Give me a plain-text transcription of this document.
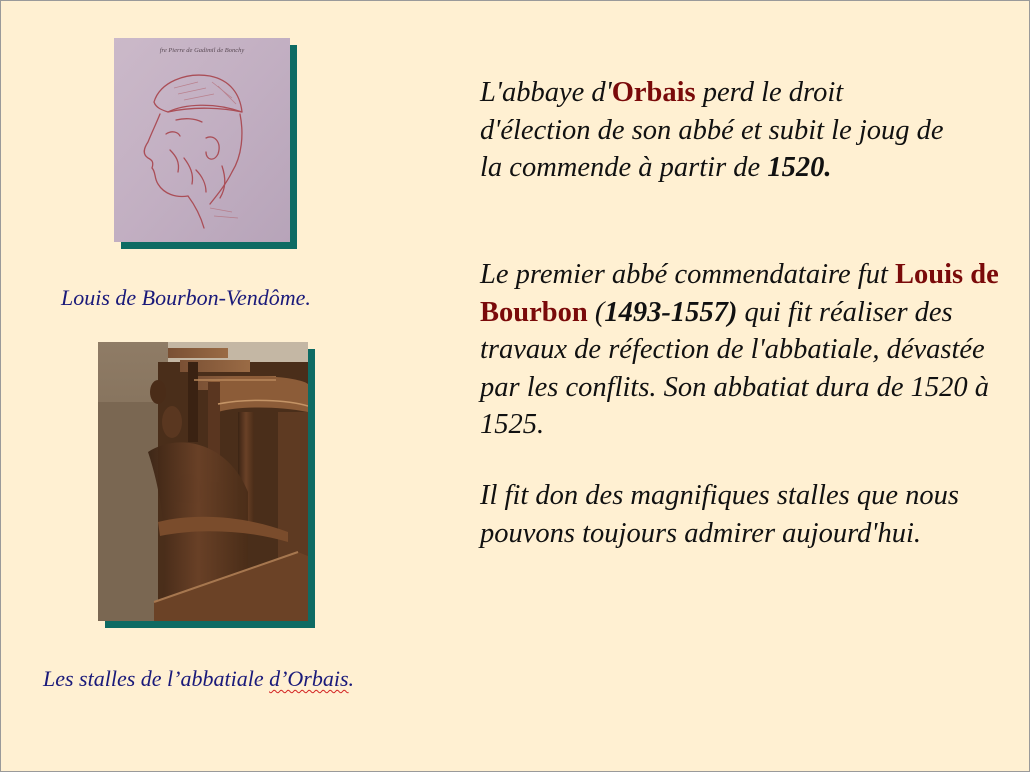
fre Pierre de Gadimil de Bonchy
Louis de Bourbon-Vendôme.
Les stalles de l’abbatiale d’Orbais.
L'abbaye d'Orbais perd le droit d'élection de son abbé et subit le joug de la commende à partir de 1520.
Le premier abbé commendataire fut Louis de Bourbon (1493-1557) qui fit réaliser des travaux de réfection de l'abbatiale, dévastée par les conflits. Son abbatiat dura de 1520 à 1525.
Il fit don des magnifiques stalles que nous pouvons toujours admirer aujourd'hui.
